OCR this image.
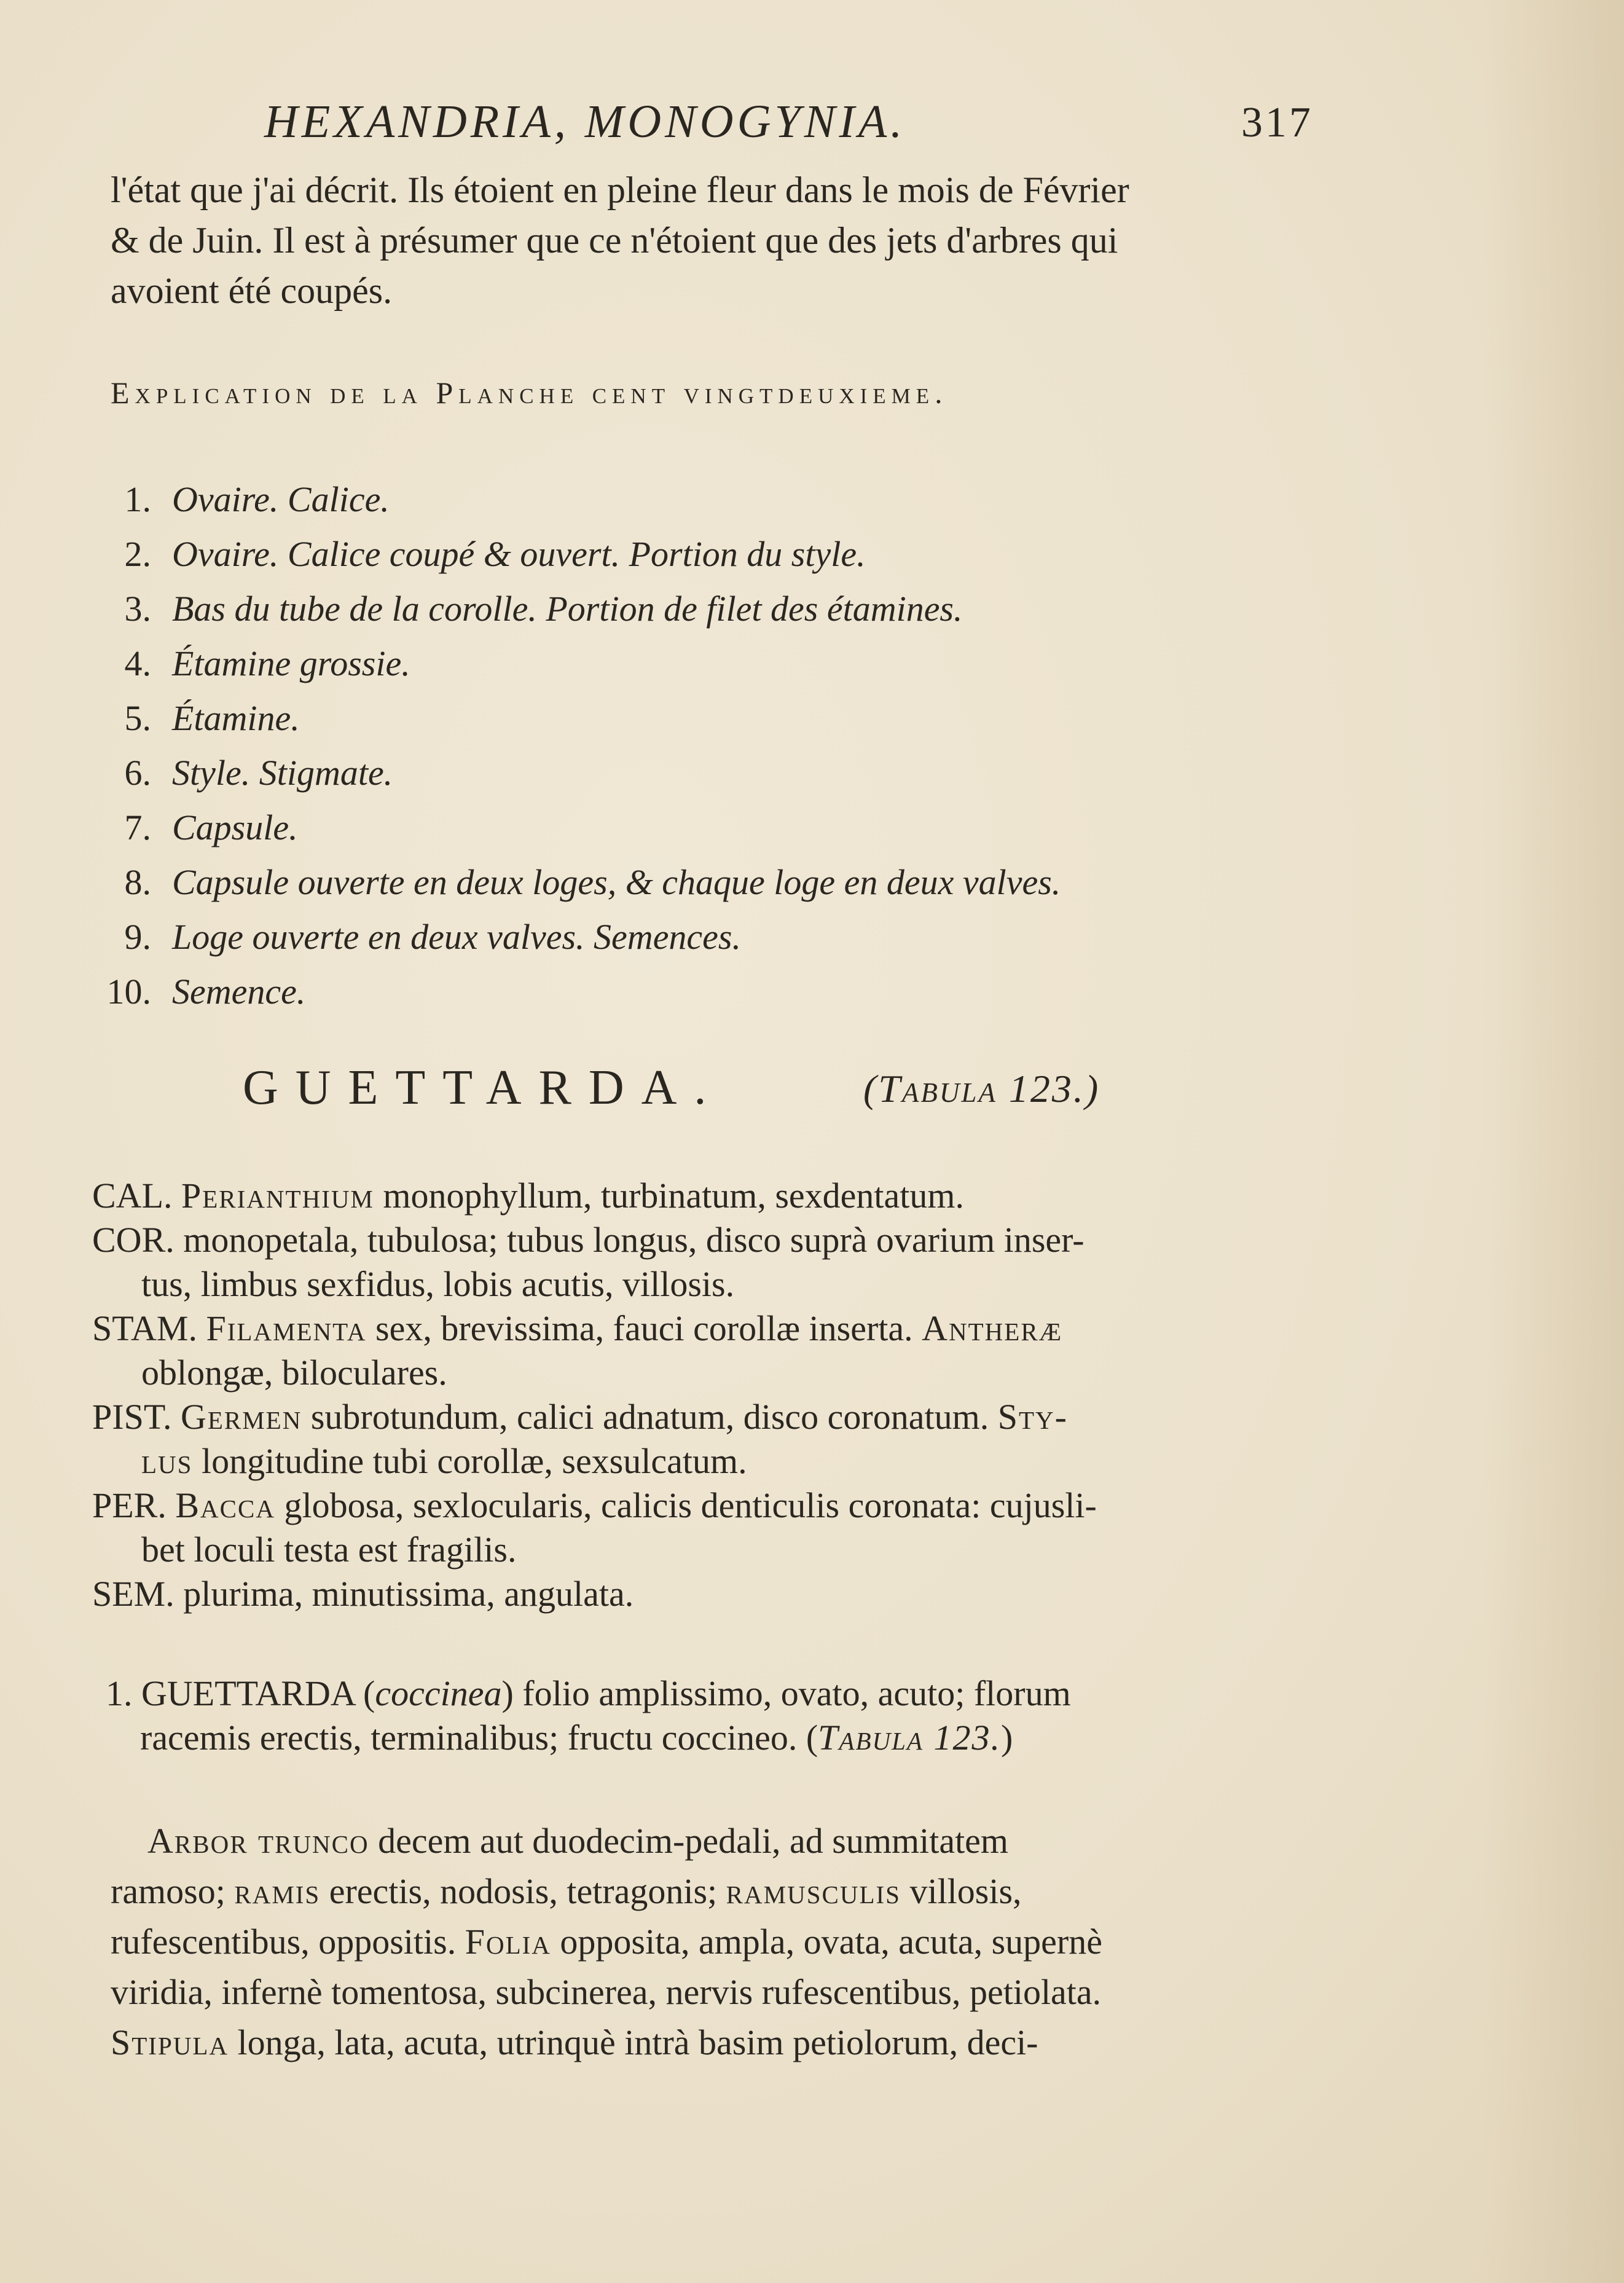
HEXANDRIA, MONOGYNIA.	317
l'état que j'ai décrit. Ils étoient en pleine fleur dans le mois de Février
& de Juin. Il est à présumer que ce n'étoient que des jets d'arbres qui
avoient été coupés.
Explication de la Planche cent vingtdeuxieme.
1. Ovaire. Calice.
2. Ovaire. Calice coupé & ouvert. Portion du style.
3. Bas du tube de la corolle. Portion de filet des étamines.
4. Étamine grossie.
5. Étamine.
6. Style. Stigmate.
7. Capsule.
8. Capsule ouverte en deux loges, & chaque loge en deux valves.
9. Loge ouverte en deux valves. Semences.
10. Semence.
GUETTARDA.	(Tabula 123.)
CAL. Perianthium monophyllum, turbinatum, sexdentatum.
COR. monopetala, tubulosa; tubus longus, disco suprà ovarium inser-
tus, limbus sexfidus, lobis acutis, villosis.
STAM. Filamenta sex, brevissima, fauci corollæ inserta. Antheræ
oblongæ, biloculares.
PIST. Germen subrotundum, calici adnatum, disco coronatum. Sty-
lus longitudine tubi corollæ, sexsulcatum.
PER. Bacca globosa, sexlocularis, calicis denticulis coronata: cujusli-
bet loculi testa est fragilis.
SEM. plurima, minutissima, angulata.
1. GUETTARDA (coccinea) folio amplissimo, ovato, acuto; florum
racemis erectis, terminalibus; fructu coccineo. (Tabula 123.)
Arbor trunco decem aut duodecim-pedali, ad summitatem
ramoso; ramis erectis, nodosis, tetragonis; ramusculis villosis,
rufescentibus, oppositis. Folia opposita, ampla, ovata, acuta, supernè
viridia, infernè tomentosa, subcinerea, nervis rufescentibus, petiolata.
Stipula longa, lata, acuta, utrinquè intrà basim petiolorum, deci-
